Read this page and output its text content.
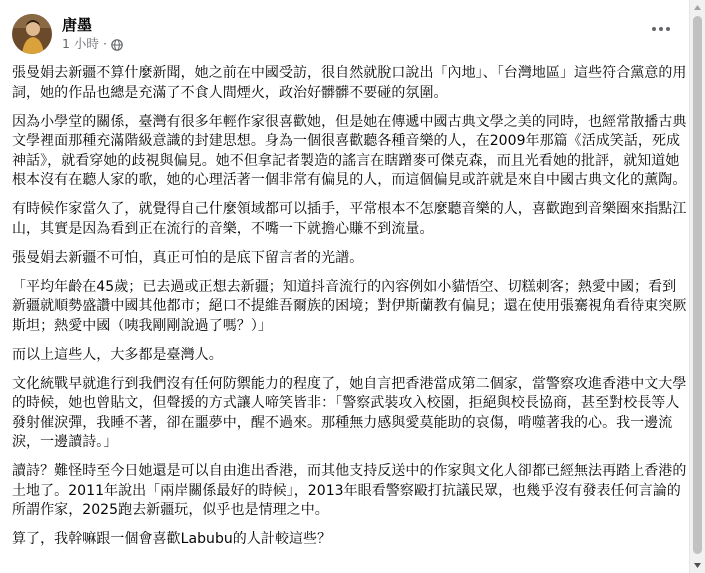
唐墨
1 小時 ·

張曼娟去新疆不算什麼新聞，她之前在中國受訪，很自然就脫口說出「內地」、「台灣地區」這些符合黨意的用詞，她的作品也總是充滿了不食人間煙火，政治好髒髒不要碰的氛圍。

因為小學堂的關係，臺灣有很多年輕作家很喜歡她，但是她在傳遞中國古典文學之美的同時，也經常散播古典文學裡面那種充滿階級意識的封建思想。身為一個很喜歡聽各種音樂的人，在2009年那篇《活成笑話，死成神話》，就看穿她的歧視與偏見。她不但拿記者製造的謠言在瞎蹭麥可傑克森，而且光看她的批評，就知道她根本沒有在聽人家的歌，她的心理活著一個非常有偏見的人，而這個偏見或許就是來自中國古典文化的薰陶。

有時候作家當久了，就覺得自己什麼領域都可以插手，平常根本不怎麼聽音樂的人，喜歡跑到音樂圈來指點江山，其實是因為看到正在流行的音樂，不嘴一下就擔心賺不到流量。

張曼娟去新疆不可怕，真正可怕的是底下留言者的光譜。

「平均年齡在45歲；已去過或正想去新疆；知道抖音流行的內容例如小貓悟空、切糕刺客；熱愛中國；看到新疆就順勢盛讚中國其他都市；絕口不提維吾爾族的困境；對伊斯蘭教有偏見；還在使用張騫視角看待東突厥斯坦；熱愛中國（咦我剛剛說過了嗎？）」

而以上這些人，大多都是臺灣人。

文化統戰早就進行到我們沒有任何防禦能力的程度了，她自言把香港當成第二個家，當警察攻進香港中文大學的時候，她也曾貼文，但聲援的方式讓人啼笑皆非：「警察武裝攻入校園，拒絕與校長協商，甚至對校長等人發射催淚彈，我睡不著，卻在噩夢中，醒不過來。那種無力感與愛莫能助的哀傷，啃噬著我的心。我一邊流淚，一邊讀詩。」

讀詩？難怪時至今日她還是可以自由進出香港，而其他支持反送中的作家與文化人卻都已經無法再踏上香港的土地了。2011年說出「兩岸關係最好的時候」，2013年眼看警察毆打抗議民眾，也幾乎沒有發表任何言論的所謂作家，2025跑去新疆玩，似乎也是情理之中。

算了，我幹嘛跟一個會喜歡Labubu的人計較這些？
